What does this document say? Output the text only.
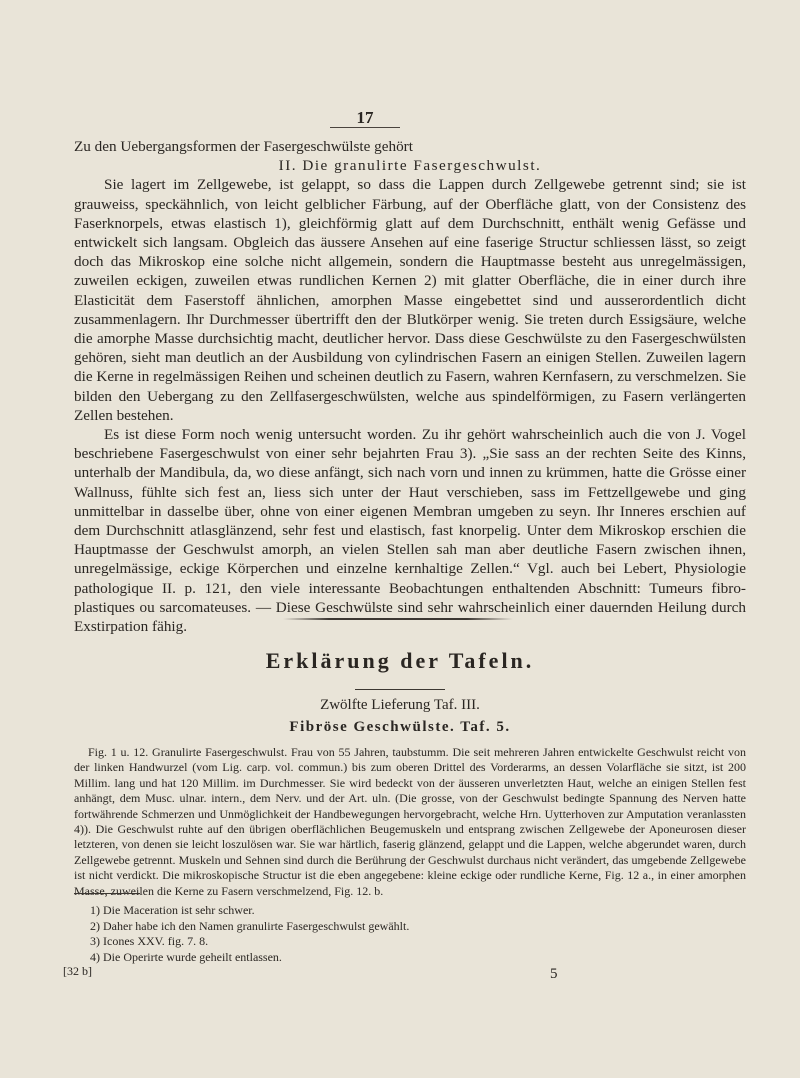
17

Zu den Uebergangsformen der Fasergeschwülste gehört

II. Die granulirte Fasergeschwulst.

Sie lagert im Zellgewebe, ist gelappt, so dass die Lappen durch Zellgewebe getrennt sind; sie ist grauweiss, speckähnlich, von leicht gelblicher Färbung, auf der Oberfläche glatt, von der Consistenz des Faserknorpels, etwas elastisch 1), gleichförmig glatt auf dem Durchschnitt, enthält wenig Gefässe und entwickelt sich langsam. Obgleich das äussere Ansehen auf eine faserige Structur schliessen lässt, so zeigt doch das Mikroskop eine solche nicht allgemein, sondern die Hauptmasse besteht aus unregelmässigen, zuweilen eckigen, zuweilen etwas rundlichen Kernen 2) mit glatter Oberfläche, die in einer durch ihre Elasticität dem Faserstoff ähnlichen, amorphen Masse eingebettet sind und ausserordentlich dicht zusammenlagern. Ihr Durchmesser übertrifft den der Blutkörper wenig. Sie treten durch Essigsäure, welche die amorphe Masse durchsichtig macht, deutlicher hervor. Dass diese Geschwülste zu den Fasergeschwülsten gehören, sieht man deutlich an der Ausbildung von cylindrischen Fasern an einigen Stellen. Zuweilen lagern die Kerne in regelmässigen Reihen und scheinen deutlich zu Fasern, wahren Kernfasern, zu verschmelzen. Sie bilden den Uebergang zu den Zellfasergeschwülsten, welche aus spindelförmigen, zu Fasern verlängerten Zellen bestehen.

Es ist diese Form noch wenig untersucht worden. Zu ihr gehört wahrscheinlich auch die von J. Vogel beschriebene Fasergeschwulst von einer sehr bejahrten Frau 3). „Sie sass an der rechten Seite des Kinns, unterhalb der Mandibula, da, wo diese anfängt, sich nach vorn und innen zu krümmen, hatte die Grösse einer Wallnuss, fühlte sich fest an, liess sich unter der Haut verschieben, sass im Fettzellgewebe und ging unmittelbar in dasselbe über, ohne von einer eigenen Membran umgeben zu seyn. Ihr Inneres erschien auf dem Durchschnitt atlasglänzend, sehr fest und elastisch, fast knorpelig. Unter dem Mikroskop erschien die Hauptmasse der Geschwulst amorph, an vielen Stellen sah man aber deutliche Fasern zwischen ihnen, unregelmässige, eckige Körperchen und einzelne kernhaltige Zellen.“ Vgl. auch bei Lebert, Physiologie pathologique II. p. 121, den viele interessante Beobachtungen enthaltenden Abschnitt: Tumeurs fibro-plastiques ou sarcomateuses. — Diese Geschwülste sind sehr wahrscheinlich einer dauernden Heilung durch Exstirpation fähig.

Erklärung der Tafeln.
Zwölfte Lieferung Taf. III.
Fibröse Geschwülste. Taf. 5.

Fig. 1 u. 12. Granulirte Fasergeschwulst. Frau von 55 Jahren, taubstumm. Die seit mehreren Jahren entwickelte Geschwulst reicht von der linken Handwurzel (vom Lig. carp. vol. commun.) bis zum oberen Drittel des Vorderarms, an dessen Volarfläche sie sitzt, ist 200 Millim. lang und hat 120 Millim. im Durchmesser. Sie wird bedeckt von der äusseren unverletzten Haut, welche an einigen Stellen fest anhängt, dem Musc. ulnar. intern., dem Nerv. und der Art. uln. (Die grosse, von der Geschwulst bedingte Spannung des Nerven hatte fortwährende Schmerzen und Unmöglichkeit der Handbewegungen hervorgebracht, welche Hrn. Uytterhoven zur Amputation veranlassten 4)). Die Geschwulst ruhte auf den übrigen oberflächlichen Beugemuskeln und entsprang zwischen Zellgewebe der Aponeurosen dieser letzteren, von denen sie leicht loszulösen war. Sie war härtlich, faserig glänzend, gelappt und die Lappen, welche abgerundet waren, durch Zellgewebe getrennt. Muskeln und Sehnen sind durch die Berührung der Geschwulst durchaus nicht verändert, das umgebende Zellgewebe ist nicht verdickt. Die mikroskopische Structur ist die eben angegebene: kleine eckige oder rundliche Kerne, Fig. 12 a., in einer amorphen Masse, zuweilen die Kerne zu Fasern verschmelzend, Fig. 12. b.

1) Die Maceration ist sehr schwer.

2) Daher habe ich den Namen granulirte Fasergeschwulst gewählt.

3) Icones XXV. fig. 7. 8.

4) Die Operirte wurde geheilt entlassen.

[32 b]	5
